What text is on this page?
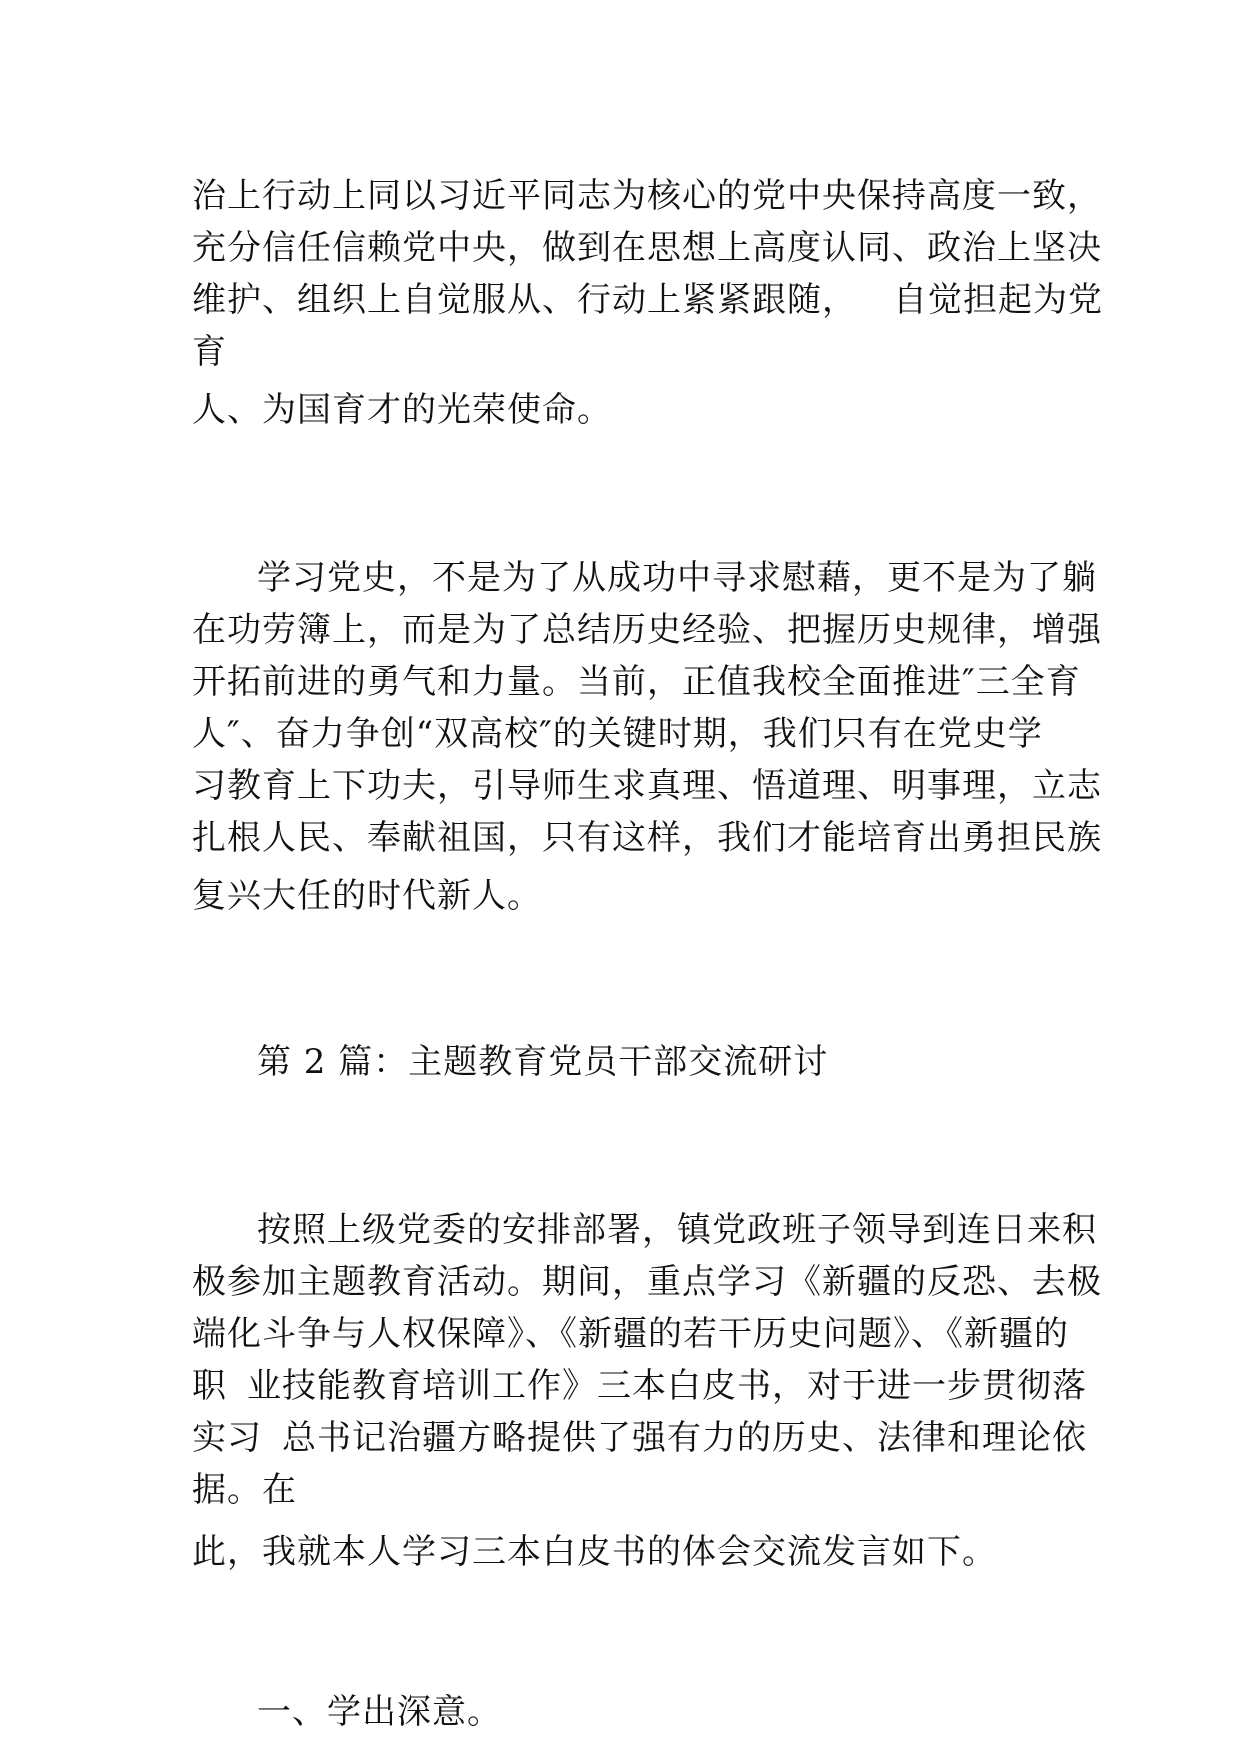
治上行动上同以习近平同志为核心的党中央保持高度一致，
充分信任信赖党中央，做到在思想上高度认同、政治上坚决
维护、组织上自觉服从、行动上紧紧跟随， 自觉担起为党
育
人、为国育才的光荣使命。
学习党史，不是为了从成功中寻求慰藉，更不是为了躺
在功劳簿上，而是为了总结历史经验、把握历史规律，增强
开拓前进的勇气和力量。当前，正值我校全面推进″三全育
人″、奋力争创“双高校″的关键时期，我们只有在党史学
习教育上下功夫，引导师生求真理、悟道理、明事理，立志
扎根人民、奉献祖国，只有这样，我们才能培育出勇担民族
复兴大任的时代新人。
第 2 篇：主题教育党员干部交流研讨
按照上级党委的安排部署，镇党政班子领导到连日来积
极参加主题教育活动。期间，重点学习《新疆的反恐、去极
端化斗争与人权保障》、《新疆的若干历史问题》、《新疆的
职 业技能教育培训工作》三本白皮书，对于进一步贯彻落
实习 总书记治疆方略提供了强有力的历史、法律和理论依
据。在
此，我就本人学习三本白皮书的体会交流发言如下。
一、学出深意。
